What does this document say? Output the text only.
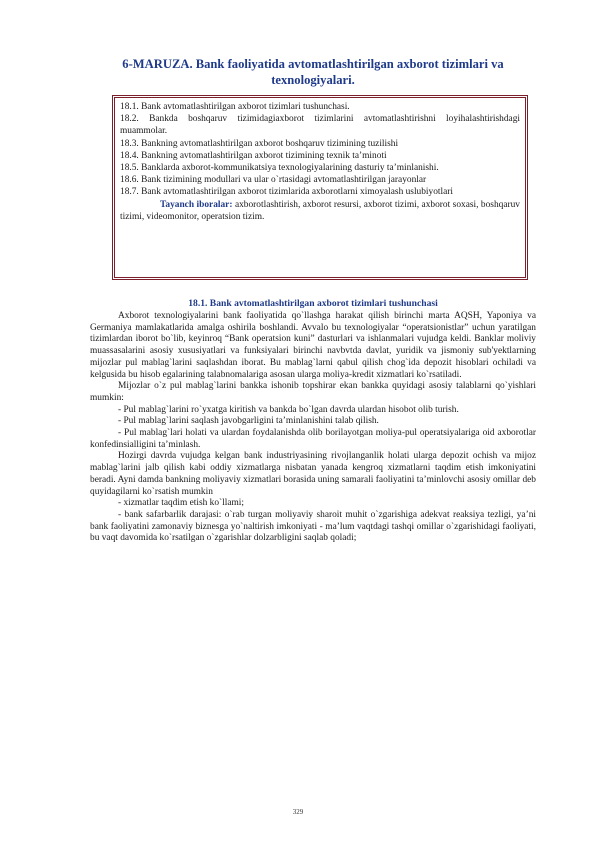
6-MARUZA. Bank faoliyatida avtomatlashtirilgan axborot tizimlari va texnologiyalari.

18.1. Bank avtomatlashtirilgan axborot tizimlari tushunchasi.

18.2. Bankda boshqaruv tizimidagiaxborot tizimlarini avtomatlashtirishni loyihalashtirishdagi muammolar.

18.3. Bankning avtomatlashtirilgan axborot boshqaruv tizimining tuzilishi

18.4. Bankning avtomatlashtirilgan axborot tizimining texnik ta’minoti

18.5. Banklarda axborot-kommunikatsiya texnologiyalarining dasturiy ta’minlanishi.

18.6. Bank tizimining modullari va ular o`rtasidagi avtomatlashtirilgan jarayonlar

18.7. Bank avtomatlashtirilgan axborot tizimlarida axborotlarni ximoyalash uslubiyotlari

Tayanch iboralar: axborotlashtirish, axborot resursi, axborot tizimi, axborot soxasi, boshqaruv tizimi, videomonitor, operatsion tizim.

18.1. Bank avtomatlashtirilgan axborot tizimlari tushunchasi

Axborot texnologiyalarini bank faoliyatida qo`llashga harakat qilish birinchi marta AQSH, Yaponiya va Germaniya mamlakatlarida amalga oshirila boshlandi. Avvalo bu texnologiyalar “operatsionistlar” uchun yaratilgan tizimlardan iborot bo`lib, keyinroq “Bank operatsion kuni” dasturlari va ishlanmalari vujudga keldi. Banklar moliviy muassasalarini asosiy xususiyatlari va funksiyalari birinchi navbvtda davlat, yuridik va jismoniy sub'yektlarning mijozlar pul mablag`larini saqlashdan iborat. Bu mablag`larni qabul qilish chog`ida depozit hisoblari ochiladi va kelgusida bu hisob egalarining talabnomalariga asosan ularga moliya-kredit xizmatlari ko`rsatiladi.

Mijozlar o`z pul mablag`larini bankka ishonib topshirar ekan bankka quyidagi asosiy talablarni qo`yishlari mumkin:

- Pul mablag`larini ro`yxatga kiritish va bankda bo`lgan davrda ulardan hisobot olib turish.

- Pul mablag`larini saqlash javobgarligini ta’minlanishini talab qilish.

- Pul mablag`lari holati va ulardan foydalanishda olib borilayotgan moliya-pul operatsiyalariga oid axborotlar konfedinsialligini ta’minlash.

Hozirgi davrda vujudga kelgan bank industriyasining rivojlanganlik holati ularga depozit ochish va mijoz mablag`larini jalb qilish kabi oddiy xizmatlarga nisbatan yanada kengroq xizmatlarni taqdim etish imkoniyatini beradi. Ayni damda bankning moliyaviy xizmatlari borasida uning samarali faoliyatini ta’minlovchi asosiy omillar deb quyidagilarni ko`rsatish mumkin

- xizmatlar taqdim etish ko`llami;

- bank safarbarlik darajasi: o`rab turgan moliyaviy sharoit muhit o`zgarishiga adekvat reaksiya tezligi, ya’ni bank faoliyatini zamonaviy biznesga yo`naltirish imkoniyati - ma’lum vaqtdagi tashqi omillar o`zgarishidagi faoliyati, bu vaqt davomida ko`rsatilgan o`zgarishlar dolzarbligini saqlab qoladi;

329
